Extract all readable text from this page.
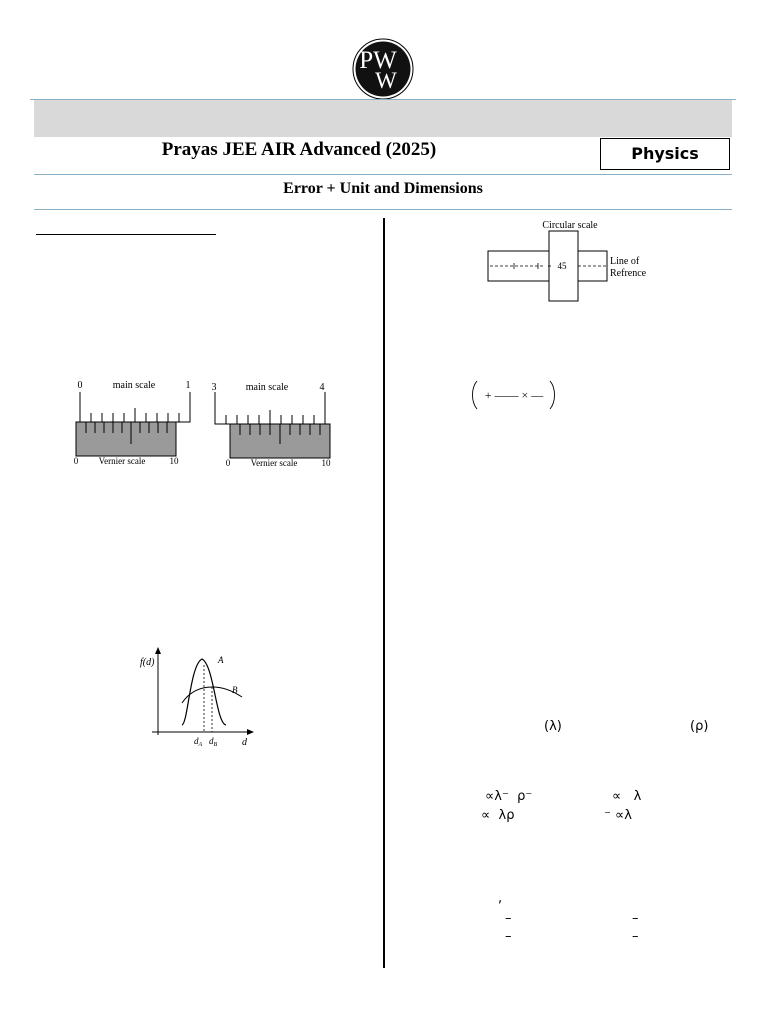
PW
W
Prayas JEE AIR Advanced (2025)	Physics
Error + Unit and Dimensions
0	main scale	1
0 Vernier scale	10
3	main scale	4
0 Vernier scale	10
f(d)
d
A
B
$d_A$ $d_B$
Circular scale
45	Line of
Refrence
+ —— × —
(λ)	(ρ)
∝λ⁻  ρ⁻	∝   λ
∝  λρ	⁻ ∝λ
,
–	–
–	–
